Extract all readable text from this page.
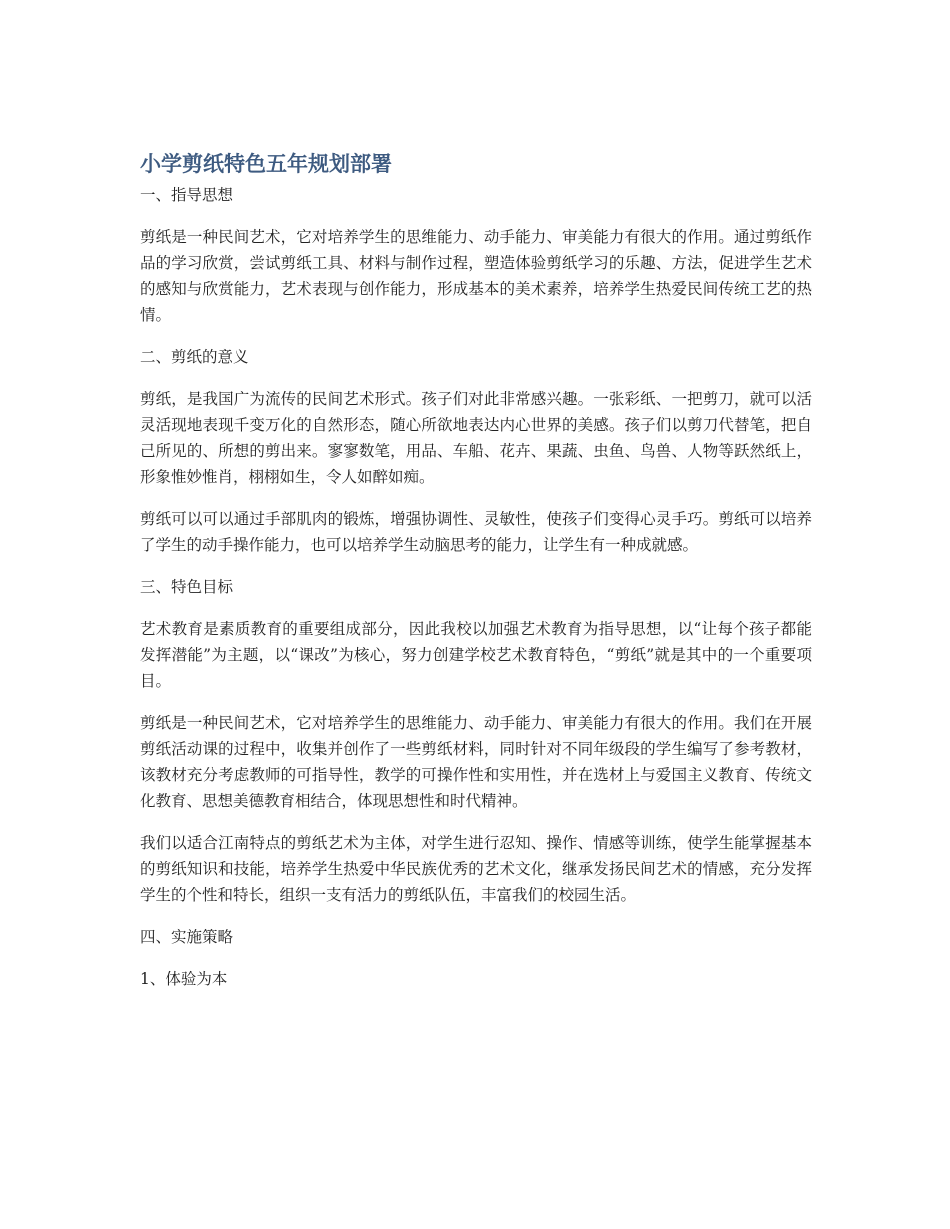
小学剪纸特色五年规划部署
一、指导思想

剪纸是一种民间艺术，它对培养学生的思维能力、动手能力、审美能力有很大的作用。通过剪纸作品的学习欣赏，尝试剪纸工具、材料与制作过程，塑造体验剪纸学习的乐趣、方法，促进学生艺术的感知与欣赏能力，艺术表现与创作能力，形成基本的美术素养，培养学生热爱民间传统工艺的热情。

二、剪纸的意义

剪纸，是我国广为流传的民间艺术形式。孩子们对此非常感兴趣。一张彩纸、一把剪刀，就可以活灵活现地表现千变万化的自然形态，随心所欲地表达内心世界的美感。孩子们以剪刀代替笔，把自己所见的、所想的剪出来。寥寥数笔，用品、车船、花卉、果蔬、虫鱼、鸟兽、人物等跃然纸上，形象惟妙惟肖，栩栩如生，令人如醉如痴。

剪纸可以可以通过手部肌肉的锻炼，增强协调性、灵敏性，使孩子们变得心灵手巧。剪纸可以培养了学生的动手操作能力，也可以培养学生动脑思考的能力，让学生有一种成就感。

三、特色目标

艺术教育是素质教育的重要组成部分，因此我校以加强艺术教育为指导思想，以“让每个孩子都能发挥潜能”为主题，以“课改”为核心，努力创建学校艺术教育特色，“剪纸”就是其中的一个重要项目。

剪纸是一种民间艺术，它对培养学生的思维能力、动手能力、审美能力有很大的作用。我们在开展剪纸活动课的过程中，收集并创作了一些剪纸材料，同时针对不同年级段的学生编写了参考教材，该教材充分考虑教师的可指导性，教学的可操作性和实用性，并在选材上与爱国主义教育、传统文化教育、思想美德教育相结合，体现思想性和时代精神。

我们以适合江南特点的剪纸艺术为主体，对学生进行忍知、操作、情感等训练，使学生能掌握基本的剪纸知识和技能，培养学生热爱中华民族优秀的艺术文化，继承发扬民间艺术的情感，充分发挥学生的个性和特长，组织一支有活力的剪纸队伍，丰富我们的校园生活。

四、实施策略
1、体验为本
